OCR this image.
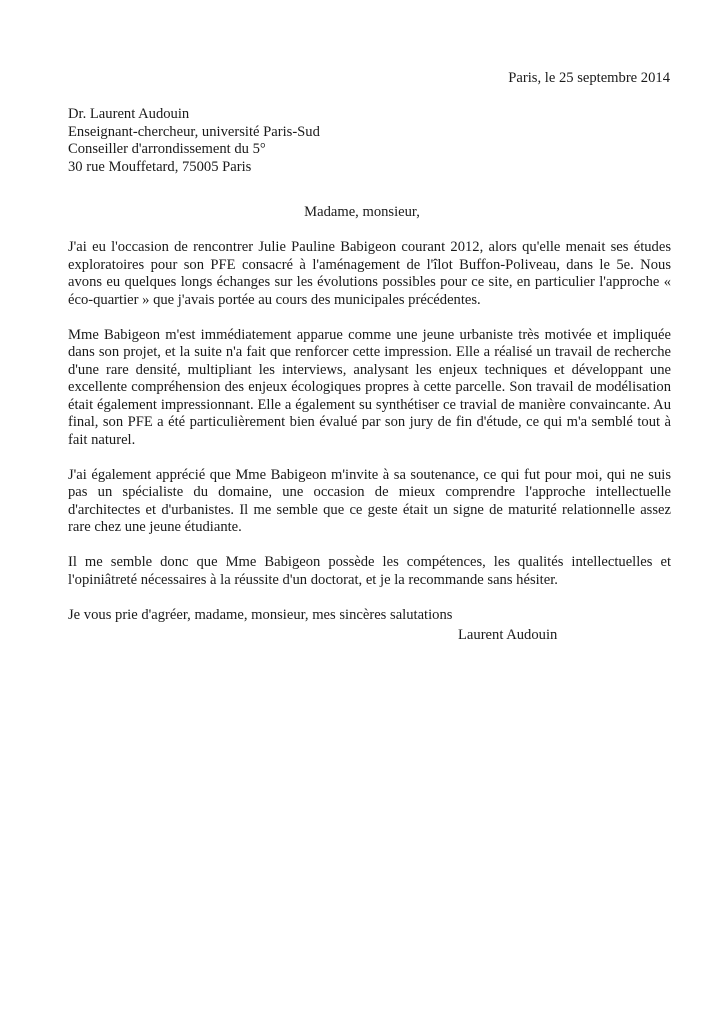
Paris, le 25 septembre 2014
Dr. Laurent Audouin
Enseignant-chercheur, université Paris-Sud
Conseiller d'arrondissement du 5°
30 rue Mouffetard, 75005 Paris
Madame, monsieur,

J'ai eu l'occasion de rencontrer Julie Pauline Babigeon courant 2012, alors qu'elle menait ses études exploratoires pour son PFE consacré à l'aménagement de l'îlot Buffon-Poliveau, dans le 5e. Nous avons eu quelques longs échanges sur les évolutions possibles pour ce site, en particulier l'approche « éco-quartier » que j'avais portée au cours des municipales précédentes.

Mme Babigeon m'est immédiatement apparue comme une jeune urbaniste très motivée et impliquée dans son projet, et la suite n'a fait que renforcer cette impression. Elle a réalisé un travail de recherche d'une rare densité, multipliant les interviews, analysant les enjeux techniques et développant une excellente compréhension des enjeux écologiques propres à cette parcelle. Son travail de modélisation était également impressionnant. Elle a également su synthétiser ce travial de manière convaincante. Au final, son PFE a été particulièrement bien évalué par son jury de fin d'étude, ce qui m'a semblé tout à fait naturel.

J'ai également apprécié que Mme Babigeon m'invite à sa soutenance, ce qui fut pour moi, qui ne suis pas un spécialiste du domaine, une occasion de mieux comprendre l'approche intellectuelle d'architectes et d'urbanistes. Il me semble que ce geste était un signe de maturité relationnelle assez rare chez une jeune étudiante.

Il me semble donc que Mme Babigeon possède les compétences, les qualités intellectuelles et l'opiniâtreté nécessaires à la réussite d'un doctorat, et je la recommande sans hésiter.

Je vous prie d'agréer, madame, monsieur, mes sincères salutations

Laurent Audouin
